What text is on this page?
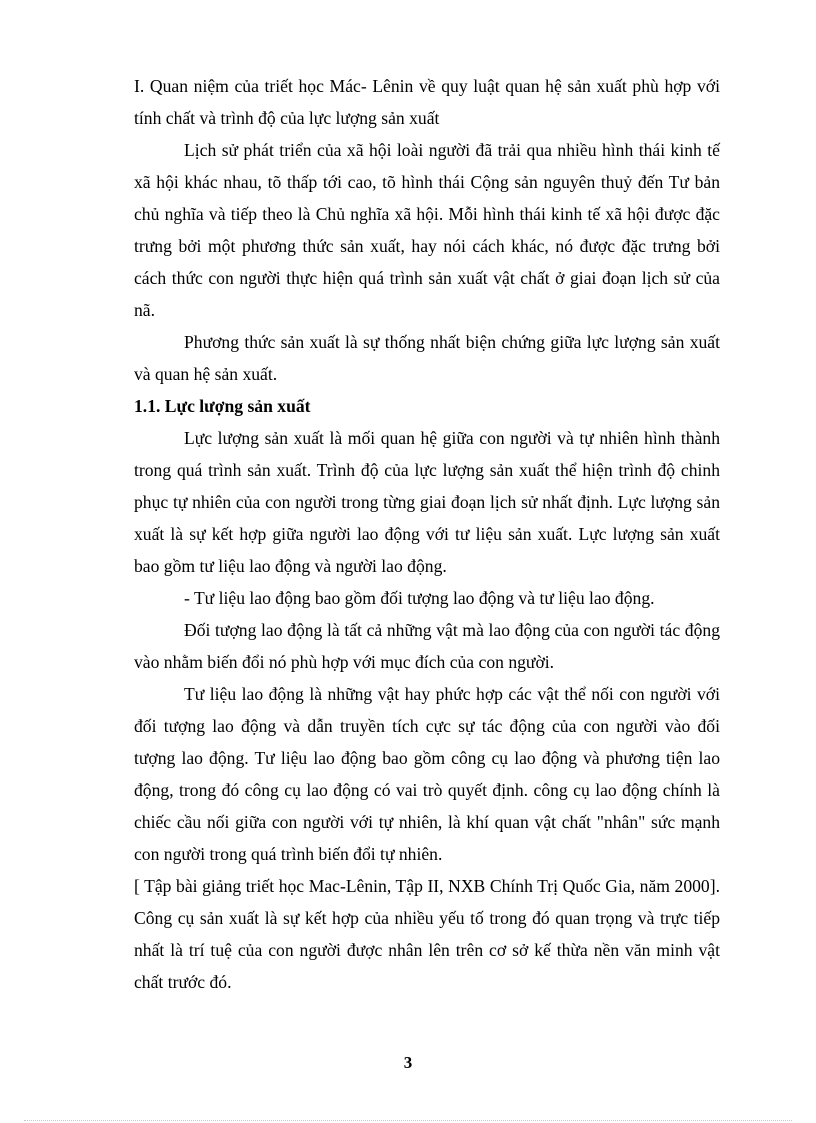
I. Quan niệm của triết học Mác- Lênin về quy luật quan hệ sản xuất phù hợp với tính chất và trình độ của lực lượng sản xuất

Lịch sử phát triển của xã hội loài người đã trải qua nhiều hình thái kinh tế xã hội khác nhau, tõ thấp tới cao, tõ hình thái Cộng sản nguyên thuỷ đến Tư bản chủ nghĩa và tiếp theo là Chủ nghĩa xã hội. Mỗi hình thái kinh tế xã hội được đặc trưng bởi một phương thức sản xuất, hay nói cách khác, nó được đặc trưng bởi cách thức con người thực hiện quá trình sản xuất vật chất ở giai đoạn lịch sử của nã.

Phương thức sản xuất là sự thống nhất biện chứng giữa lực lượng sản xuất và quan hệ sản xuất.

1.1. Lực lượng sản xuất

Lực lượng sản xuất là mối quan hệ giữa con người và tự nhiên hình thành trong quá trình sản xuất. Trình độ của lực lượng sản xuất thể hiện trình độ chinh phục tự nhiên của con người trong từng giai đoạn lịch sử nhất định. Lực lượng sản xuất là sự kết hợp giữa người lao động với tư liệu sản xuất. Lực lượng sản xuất bao gồm tư liệu lao động và người lao động.

- Tư liệu lao động bao gồm đối tượng lao động và tư liệu lao động.

Đối tượng lao động là tất cả những vật mà lao động của con người tác động vào nhằm biến đổi nó phù hợp với mục đích của con người.

Tư liệu lao động là những vật hay phức hợp các vật thể nối con người với đối tượng lao động và dẫn truyền tích cực sự tác động của con người vào đối tượng lao động. Tư liệu lao động bao gồm công cụ lao động và phương tiện lao động, trong đó công cụ lao động có vai trò quyết định. công cụ lao động chính là chiếc cầu nối giữa con người với tự nhiên, là khí quan vật chất "nhân" sức mạnh con người trong quá trình biến đổi tự nhiên.

[ Tập bài giảng triết học Mac-Lênin, Tập II, NXB Chính Trị Quốc Gia, năm 2000]. Công cụ sản xuất là sự kết hợp của nhiều yếu tố trong đó quan trọng và trực tiếp nhất là trí tuệ của con người được nhân lên trên cơ sở kế thừa nền văn minh vật chất trước đó.

3
